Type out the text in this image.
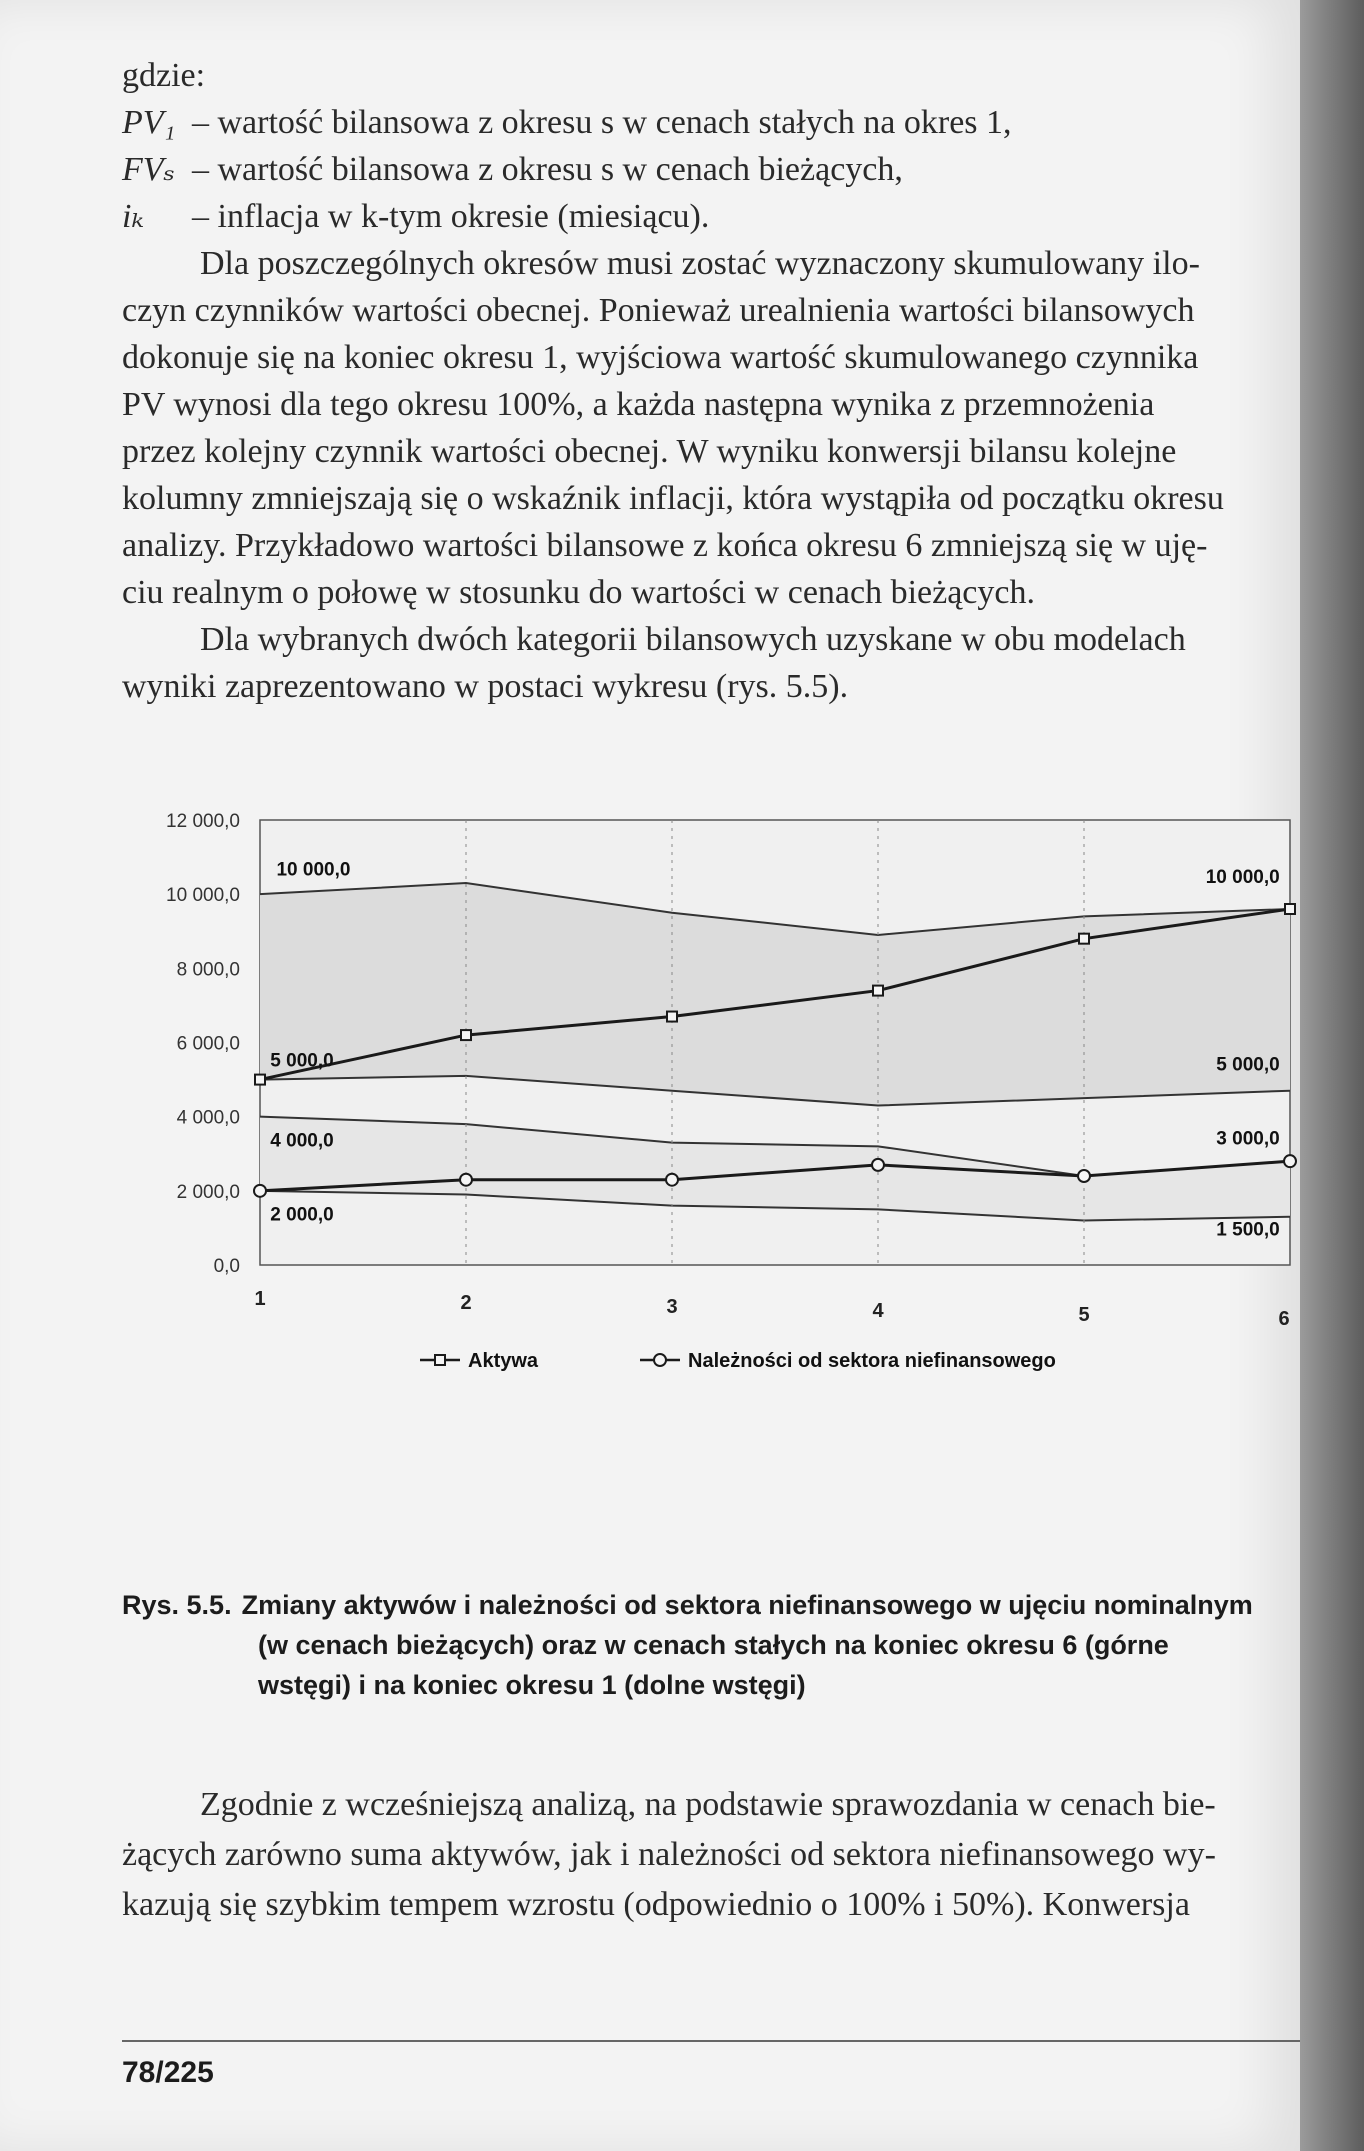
gdzie:
PV₁ – wartość bilansowa z okresu s w cenach stałych na okres 1,
FVₛ – wartość bilansowa z okresu s w cenach bieżących,
iₖ – inflacja w k-tym okresie (miesiącu).
Dla poszczególnych okresów musi zostać wyznaczony skumulowany ilo-
czyn czynników wartości obecnej. Ponieważ urealnienia wartości bilansowych
dokonuje się na koniec okresu 1, wyjściowa wartość skumulowanego czynnika
PV wynosi dla tego okresu 100%, a każda następna wynika z przemnożenia
przez kolejny czynnik wartości obecnej. W wyniku konwersji bilansu kolejne
kolumny zmniejszają się o wskaźnik inflacji, która wystąpiła od początku okresu
analizy. Przykładowo wartości bilansowe z końca okresu 6 zmniejszą się w uję-
ciu realnym o połowę w stosunku do wartości w cenach bieżących.
Dla wybranych dwóch kategorii bilansowych uzyskane w obu modelach
wyniki zaprezentowano w postaci wykresu (rys. 5.5).
0,0
2 000,0
4 000,0
6 000,0
8 000,0
10 000,0
12 000,0
1	2	3	4	5	6
10 000,0	10 000,0
5 000,0	5 000,0
4 000,0	3 000,0
2 000,0
1 500,0
Aktywa	Należności od sektora niefinansowego
Rys. 5.5. Zmiany aktywów i należności od sektora niefinansowego w ujęciu nominalnym
(w cenach bieżących) oraz w cenach stałych na koniec okresu 6 (górne
wstęgi) i na koniec okresu 1 (dolne wstęgi)
Zgodnie z wcześniejszą analizą, na podstawie sprawozdania w cenach bie-
żących zarówno suma aktywów, jak i należności od sektora niefinansowego wy-
kazują się szybkim tempem wzrostu (odpowiednio o 100% i 50%). Konwersja
78/225
